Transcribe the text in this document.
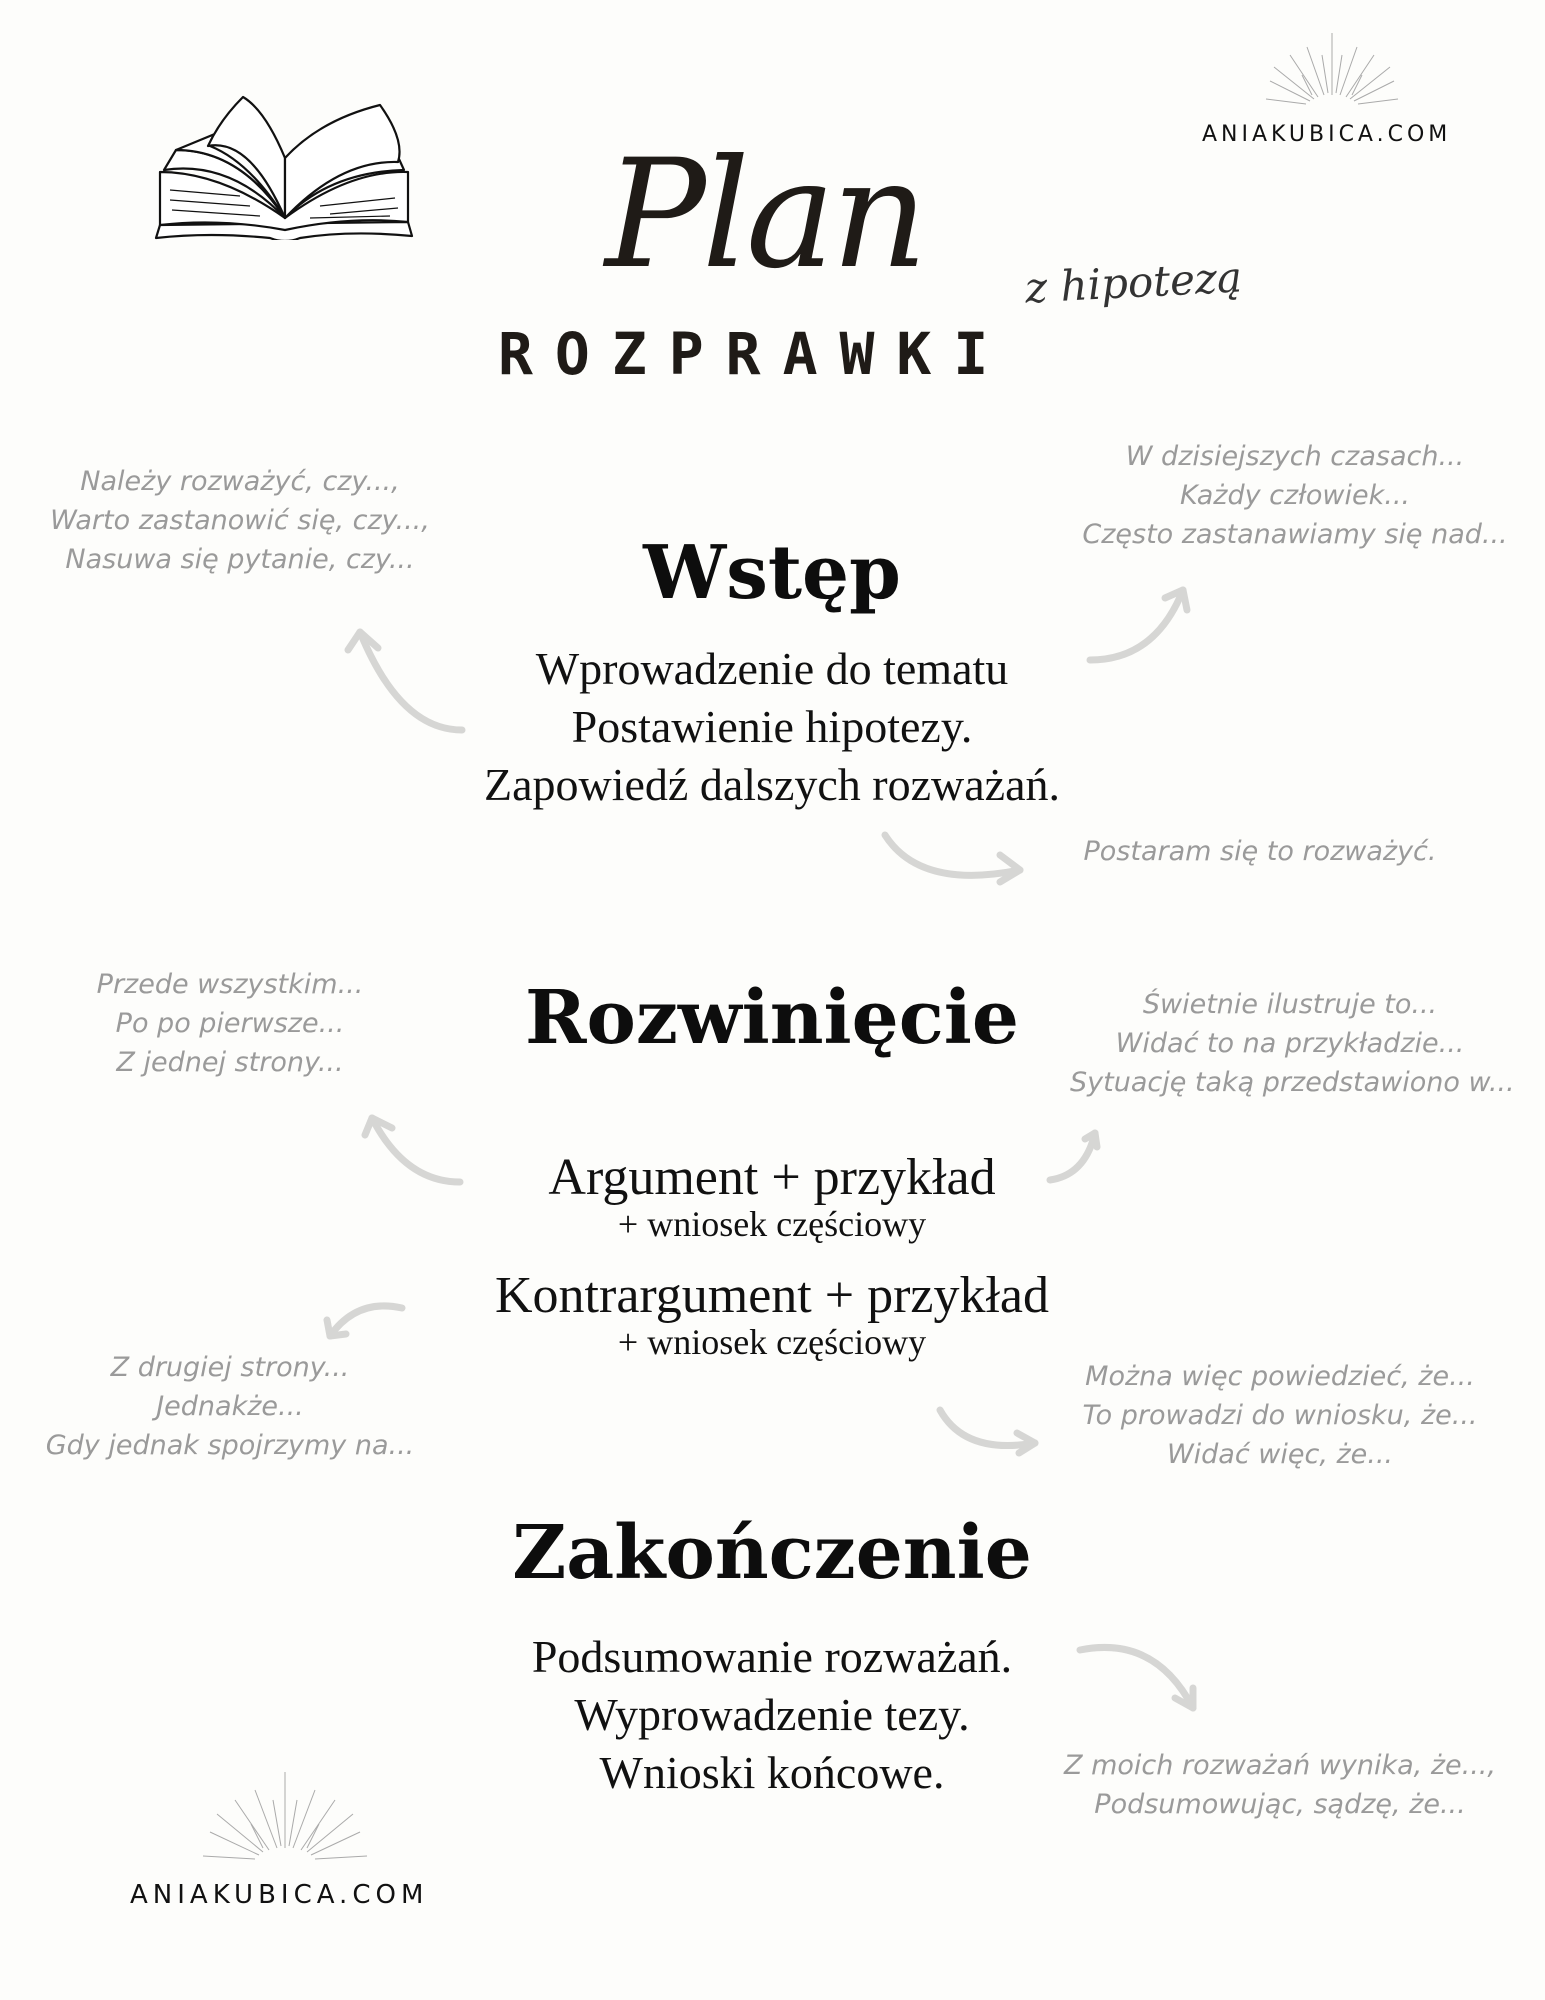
ANIAKUBICA.COM
Plan z hipotezą
ROZPRAWKI
Należy rozważyć, czy...,
Warto zastanowić się, czy...,
Nasuwa się pytanie, czy...
W dzisiejszych czasach...
Każdy człowiek...
Często zastanawiamy się nad...
Wstęp
Wprowadzenie do tematu
Postawienie hipotezy.
Zapowiedź dalszych rozważań.
Postaram się to rozważyć.
Przede wszystkim...
Po po pierwsze...
Z jednej strony...
Świetnie ilustruje to...
Widać to na przykładzie...
Sytuację taką przedstawiono w...
Rozwinięcie
Argument + przykład
+ wniosek częściowy
Kontrargument + przykład
+ wniosek częściowy
Z drugiej strony...
Jednakże...
Gdy jednak spojrzymy na...
Można więc powiedzieć, że...
To prowadzi do wniosku, że...
Widać więc, że...
Zakończenie
Podsumowanie rozważań.
Wyprowadzenie tezy.
Wnioski końcowe.	Z moich rozważań wynika, że...,
Podsumowując, sądzę, że...
ANIAKUBICA.COM
